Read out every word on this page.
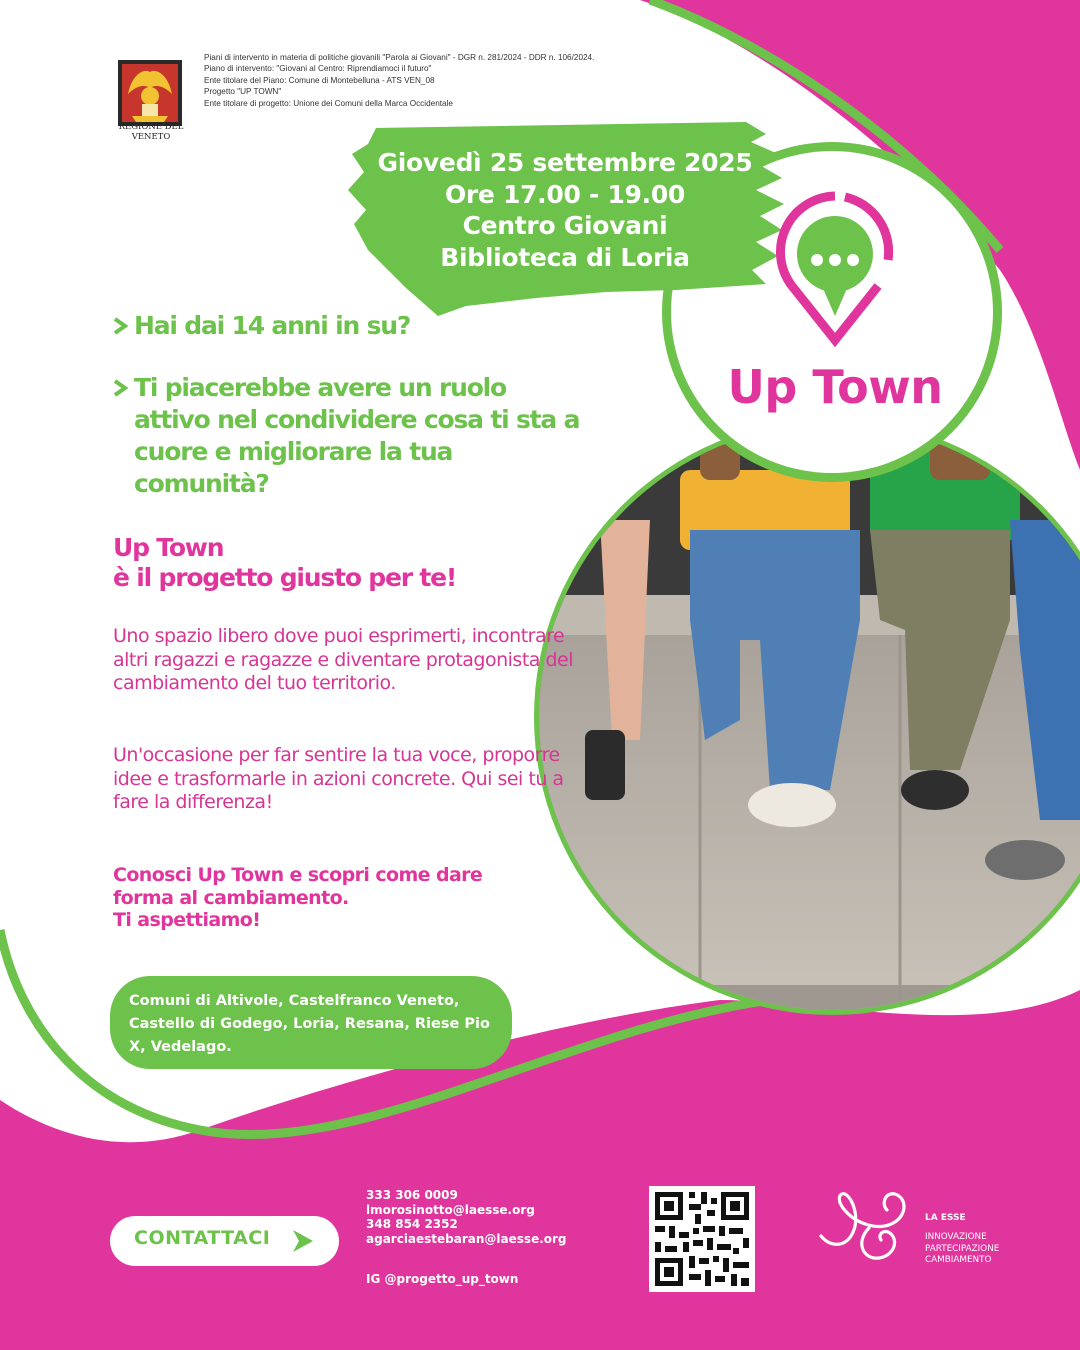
REGIONE DEL VENETO
Piani di intervento in materia di politiche giovanili "Parola ai Giovani" - DGR n. 281/2024 - DDR n. 106/2024.
Piano di intervento: "Giovani al Centro: Riprendiamoci il futuro"
Ente titolare del Piano: Comune di Montebelluna - ATS VEN_08
Progetto "UP TOWN"
Ente titolare di progetto: Unione dei Comuni della Marca Occidentale
Giovedì 25 settembre 2025
Ore 17.00 - 19.00
Centro Giovani
Biblioteca di Loria
Up Town
Hai dai 14 anni in su?
Ti piacerebbe avere un ruolo attivo nel condividere cosa ti sta a cuore e migliorare la tua comunità?
Up Town
è il progetto giusto per te!
Uno spazio libero dove puoi esprimerti, incontrare altri ragazzi e ragazze e diventare protagonista del cambiamento del tuo territorio.
Un'occasione per far sentire la tua voce, proporre idee e trasformarle in azioni concrete. Qui sei tu a fare la differenza!
Conosci Up Town e scopri come dare
forma al cambiamento.
Ti aspettiamo!
Comuni di Altivole, Castelfranco Veneto, Castello di Godego, Loria, Resana, Riese Pio X, Vedelago.
CONTATTACI
333 306 0009
lmorosinotto@laesse.org
348 854 2352
agarciaestebaran@laesse.org
IG @progetto_up_town
LA ESSE
INNOVAZIONE
PARTECIPAZIONE
CAMBIAMENTO
